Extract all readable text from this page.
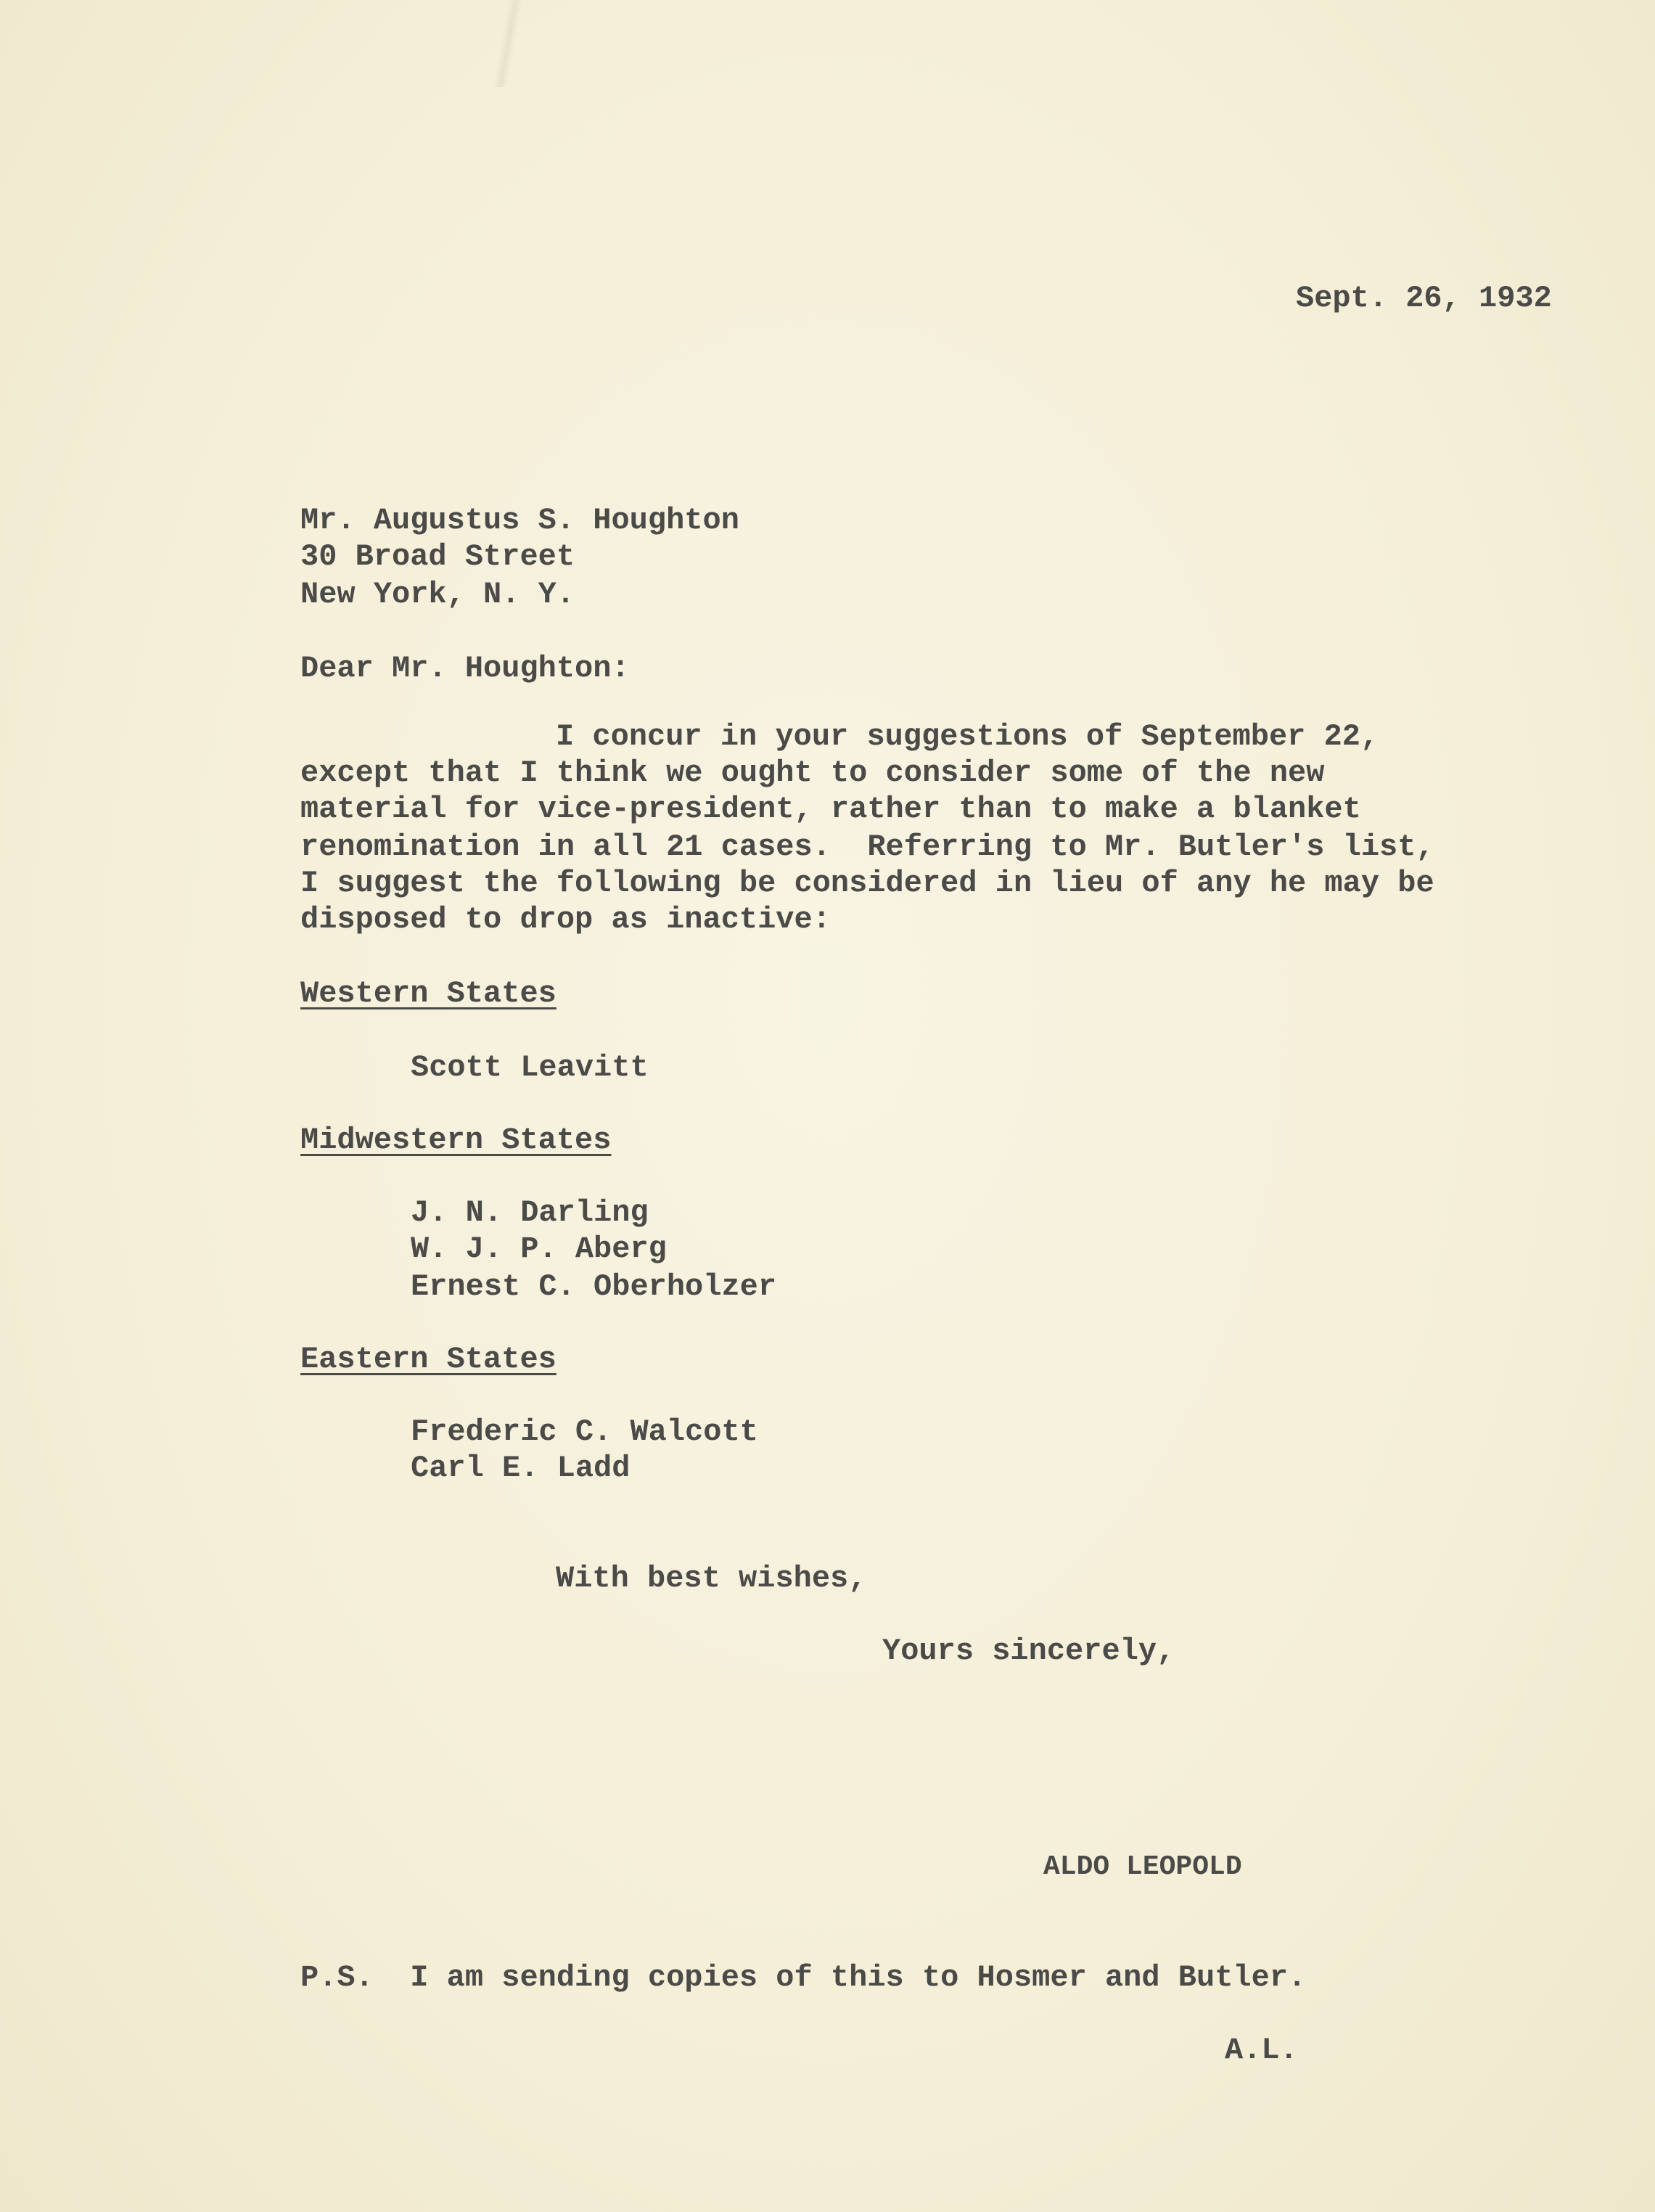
Sept. 26, 1932

Mr. Augustus S. Houghton

30 Broad Street

New York, N. Y.

Dear Mr. Houghton:

I concur in your suggestions of September 22,

except that I think we ought to consider some of the new

material for vice-president, rather than to make a blanket

renomination in all 21 cases.  Referring to Mr. Butler's list,

I suggest the following be considered in lieu of any he may be

disposed to drop as inactive:

Western States

Scott Leavitt

Midwestern States

J. N. Darling

W. J. P. Aberg

Ernest C. Oberholzer

Eastern States

Frederic C. Walcott

Carl E. Ladd

With best wishes,

Yours sincerely,

ALDO LEOPOLD

P.S.  I am sending copies of this to Hosmer and Butler.

A.L.
